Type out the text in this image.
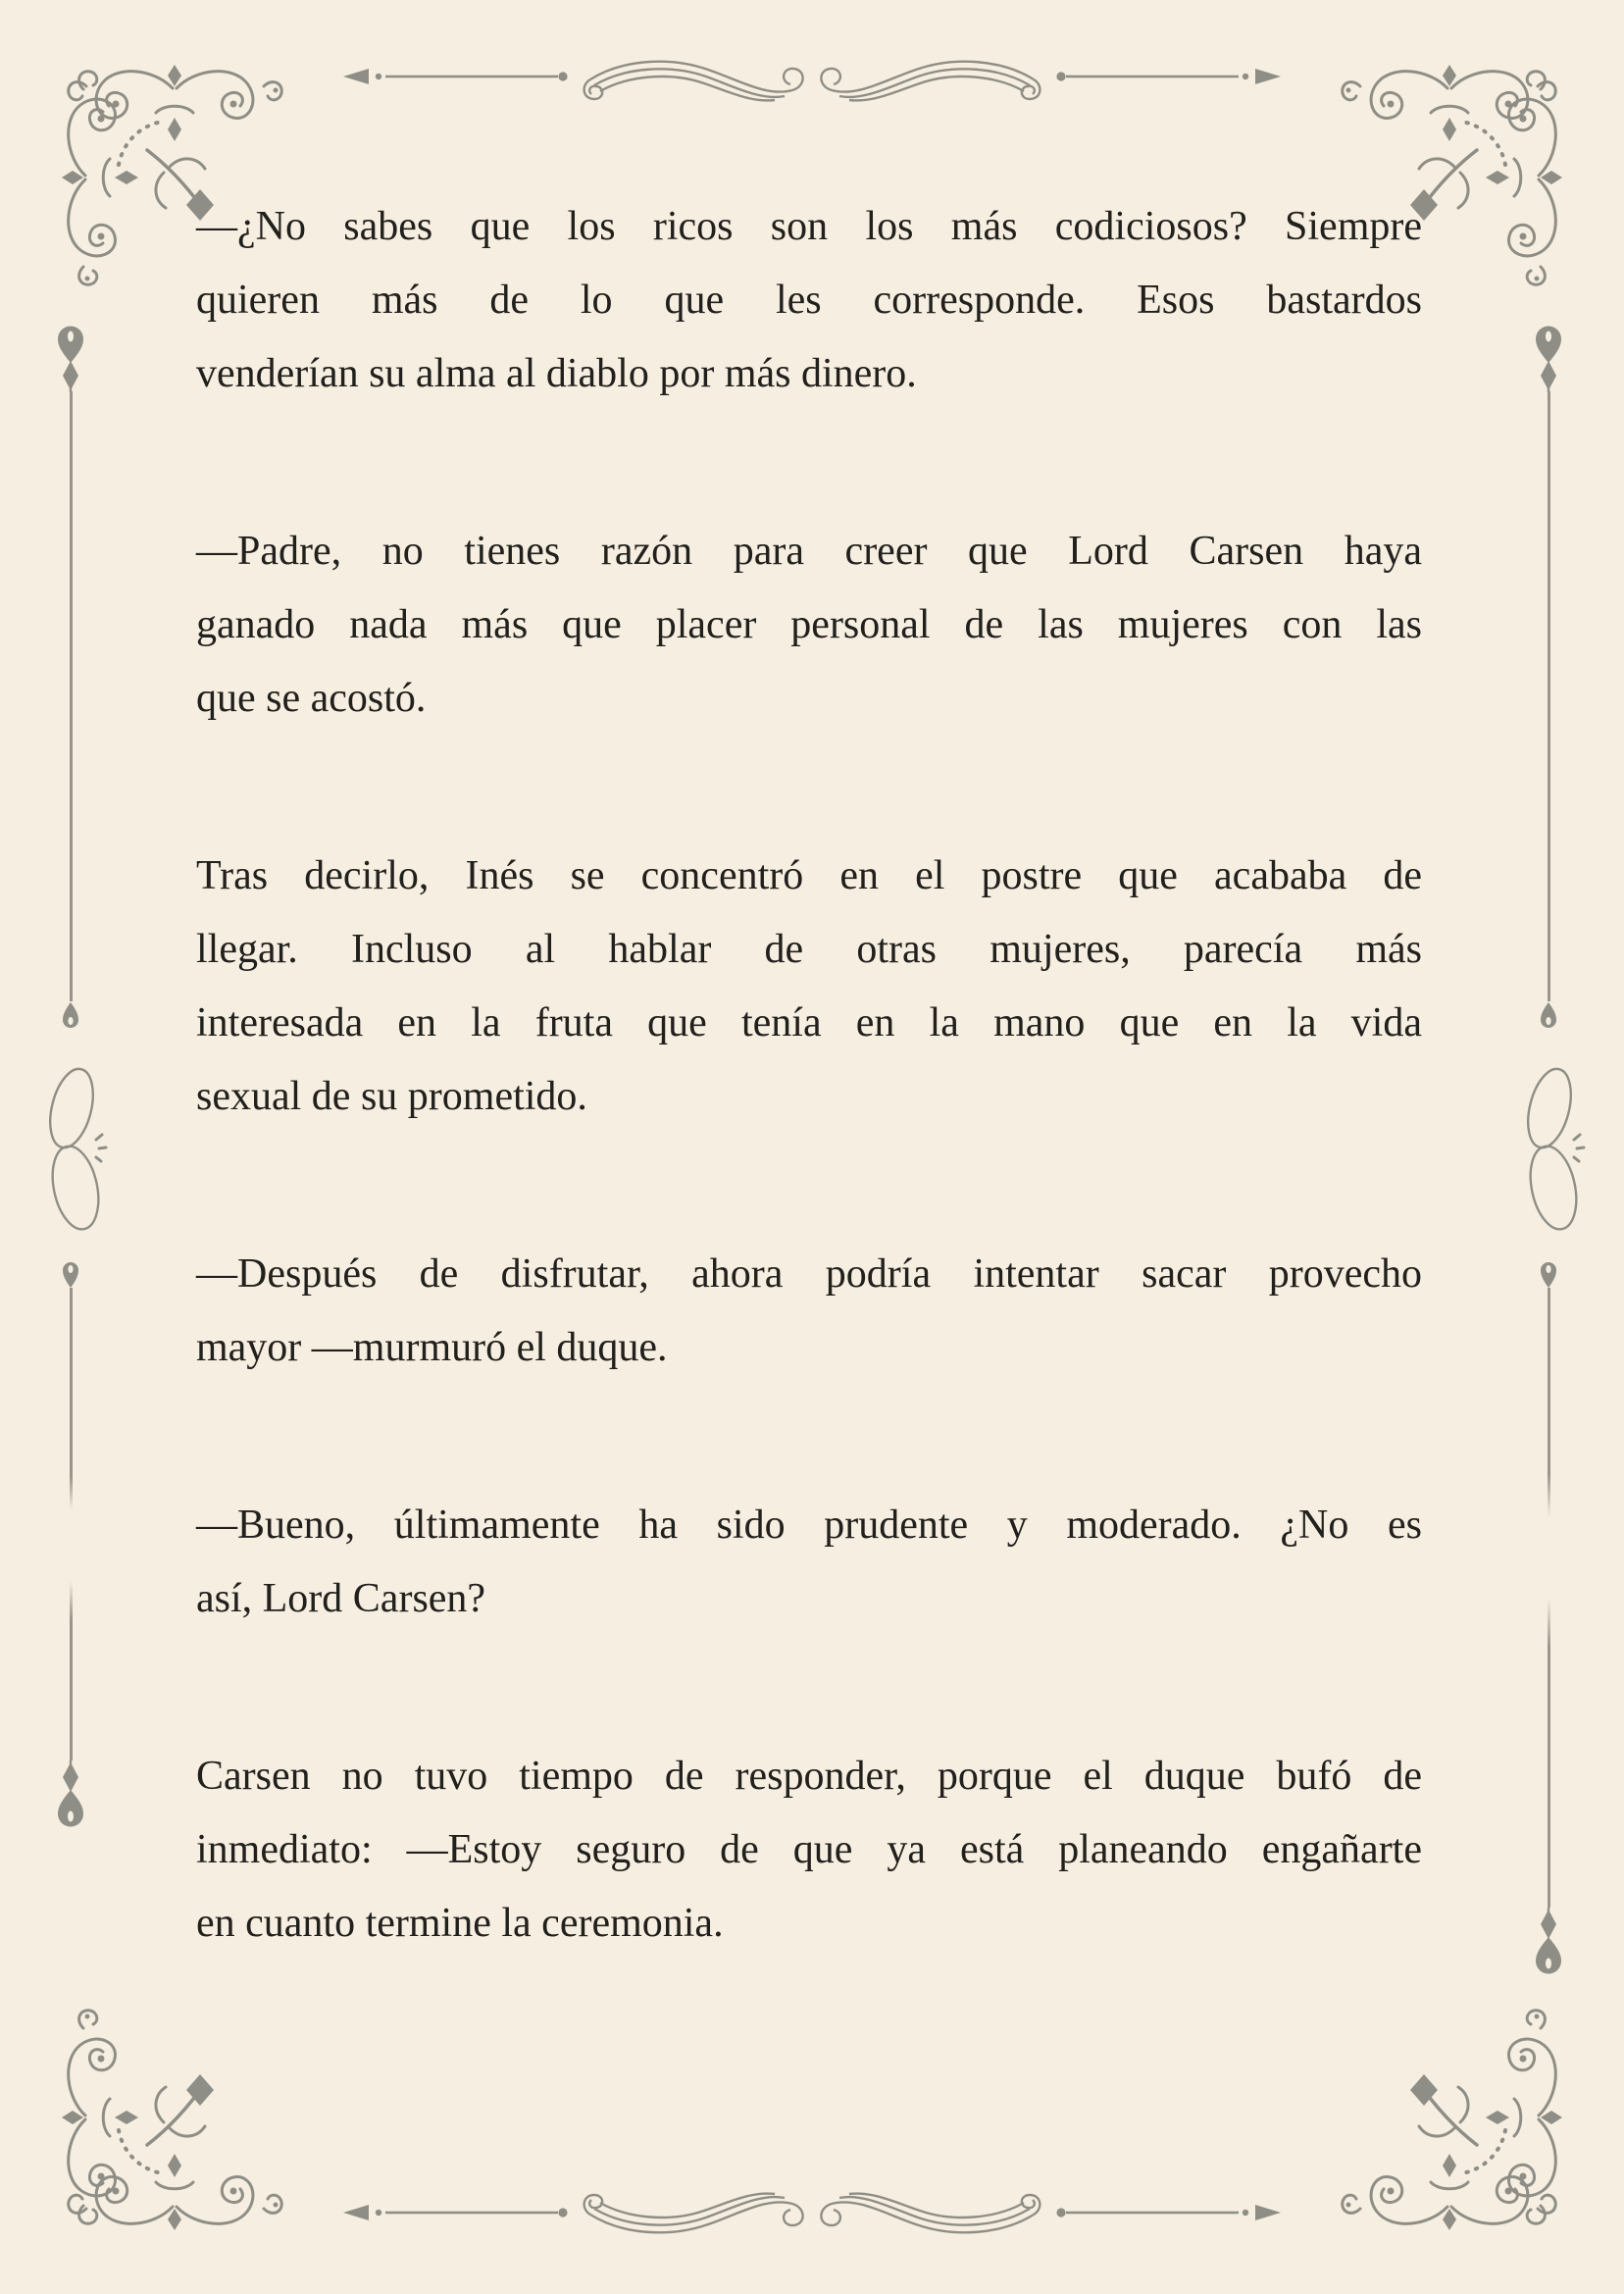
—¿No sabes que los ricos son los más codiciosos? Siempre
quieren más de lo que les corresponde. Esos bastardos
venderían su alma al diablo por más dinero.

—Padre, no tienes razón para creer que Lord Carsen haya
ganado nada más que placer personal de las mujeres con las
que se acostó.

Tras decirlo, Inés se concentró en el postre que acababa de
llegar. Incluso al hablar de otras mujeres, parecía más
interesada en la fruta que tenía en la mano que en la vida
sexual de su prometido.

—Después de disfrutar, ahora podría intentar sacar provecho
mayor —murmuró el duque.

—Bueno, últimamente ha sido prudente y moderado. ¿No es
así, Lord Carsen?

Carsen no tuvo tiempo de responder, porque el duque bufó de
inmediato: —Estoy seguro de que ya está planeando engañarte
en cuanto termine la ceremonia.
